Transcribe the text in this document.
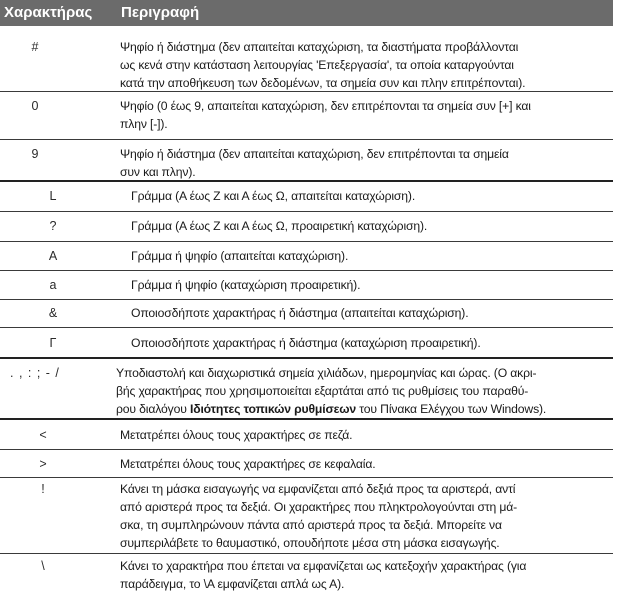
Χαρακτήρας Περιγραφή
#	Ψηφίο ή διάστημα (δεν απαιτείται καταχώριση, τα διαστήματα προβάλλονται
ως κενά στην κατάσταση λειτουργίας 'Επεξεργασία', τα οποία καταργούνται
κατά την αποθήκευση των δεδομένων, τα σημεία συν και πλην επιτρέπονται).
0	Ψηφίο (0 έως 9, απαιτείται καταχώριση, δεν επιτρέπονται τα σημεία συν [+] και
πλην [-]).
9	Ψηφίο ή διάστημα (δεν απαιτείται καταχώριση, δεν επιτρέπονται τα σημεία
συν και πλην).
L	Γράμμα (Α έως Ζ και Α έως Ω, απαιτείται καταχώριση).
?	Γράμμα (Α έως Ζ και Α έως Ω, προαιρετική καταχώριση).
A	Γράμμα ή ψηφίο (απαιτείται καταχώριση).
a	Γράμμα ή ψηφίο (καταχώριση προαιρετική).
&	Οποιοσδήποτε χαρακτήρας ή διάστημα (απαιτείται καταχώριση).
Γ	Οποιοσδήποτε χαρακτήρας ή διάστημα (καταχώριση προαιρετική).
. , : ; - /	Υποδιαστολή και διαχωριστικά σημεία χιλιάδων, ημερομηνίας και ώρας. (Ο ακρι-
βής χαρακτήρας που χρησιμοποιείται εξαρτάται από τις ρυθμίσεις του παραθύ-
ρου διαλόγου Ιδιότητες τοπικών ρυθμίσεων του Πίνακα Ελέγχου των Windows).
<	Μετατρέπει όλους τους χαρακτήρες σε πεζά.
>	Μετατρέπει όλους τους χαρακτήρες σε κεφαλαία.
!	Κάνει τη μάσκα εισαγωγής να εμφανίζεται από δεξιά προς τα αριστερά, αντί
από αριστερά προς τα δεξιά. Οι χαρακτήρες που πληκτρολογούνται στη μά-
σκα, τη συμπληρώνουν πάντα από αριστερά προς τα δεξιά. Μπορείτε να
συμπεριλάβετε το θαυμαστικό, οπουδήποτε μέσα στη μάσκα εισαγωγής.
\	Κάνει το χαρακτήρα που έπεται να εμφανίζεται ως κατεξοχήν χαρακτήρας (για
παράδειγμα, το \Α εμφανίζεται απλά ως Α).
